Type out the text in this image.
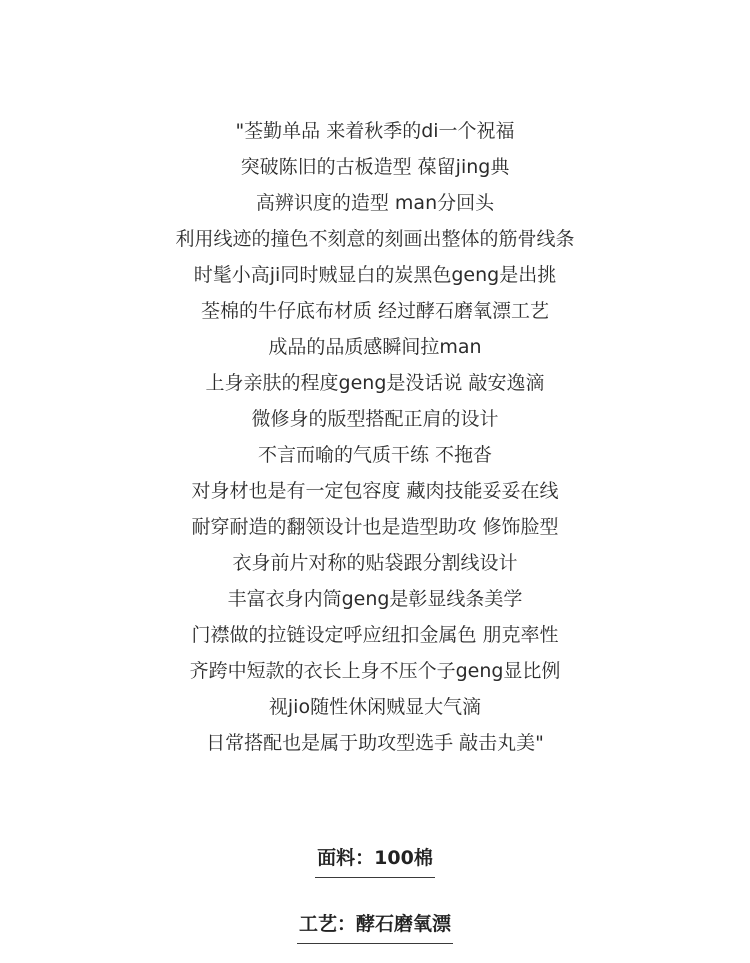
"荃勤单品 来着秋季的di一个祝福
突破陈旧的古板造型 葆留jing典
高辨识度的造型 man分回头
利用线迹的撞色不刻意的刻画出整体的筋骨线条
时髦小高ji同时贼显白的炭黑色geng是出挑
荃棉的牛仔底布材质 经过酵石磨氧漂工艺
成品的品质感瞬间拉man
上身亲肤的程度geng是没话说 敲安逸滴
微修身的版型搭配正肩的设计
不言而喻的气质干练 不拖沓
对身材也是有一定包容度 藏肉技能妥妥在线
耐穿耐造的翻领设计也是造型助攻 修饰脸型
衣身前片对称的贴袋跟分割线设计
丰富衣身内筒geng是彰显线条美学
门襟做的拉链设定呼应纽扣金属色 朋克率性
齐跨中短款的衣长上身不压个子geng显比例
视jio随性休闲贼显大气滴
日常搭配也是属于助攻型选手 敲击丸美"
面料：100棉
工艺：酵石磨氧漂
